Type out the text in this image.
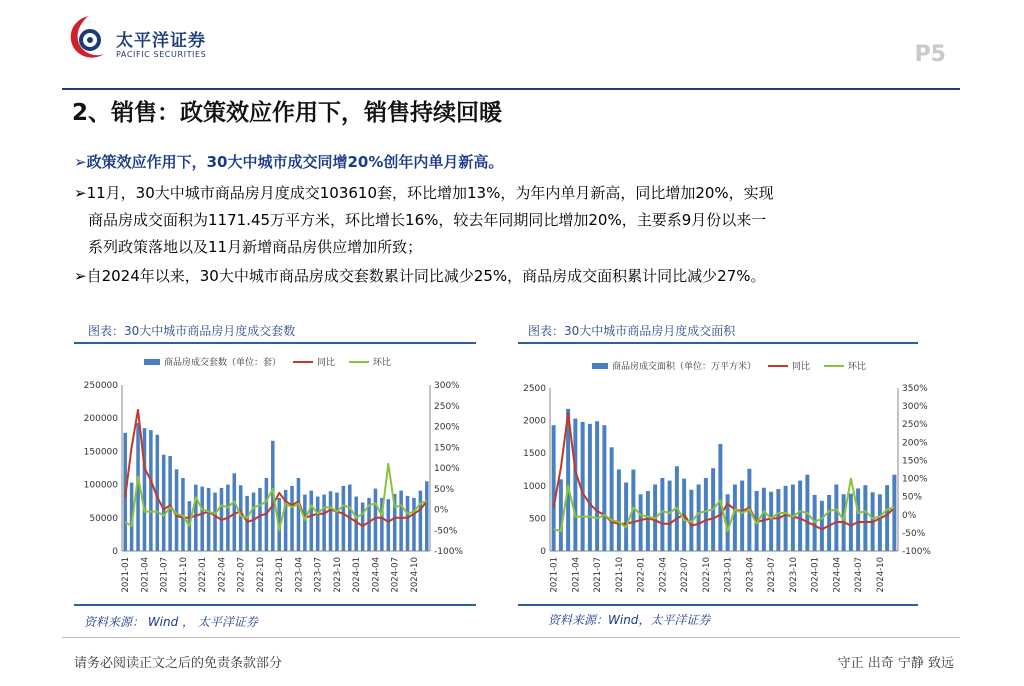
太平洋证券
PACIFIC SECURITIES	P5
2、销售：政策效应作用下，销售持续回暖
➢政策效应作用下，30大中城市成交同增20%创年内单月新高。
➢11月，30大中城市商品房月度成交103610套，环比增加13%，为年内单月新高，同比增加20%，实现
商品房成交面积为1171.45万平方米，环比增长16%，较去年同期同比增加20%，主要系9月份以来一
系列政策落地以及11月新增商品房供应增加所致；
➢自2024年以来，30大中城市商品房成交套数累计同比减少25%，商品房成交面积累计同比减少27%。
图表：30大中城市商品房月度成交套数
0
50000
100000
150000
200000
250000
-100%
-50%
0%
50%
100%
150%
200%
250%
300%
2021-01 2021-04 2021-07 2021-10 2022-01 2022-04 2022-07 2022-10 2023-01 2023-04 2023-07 2023-10 2024-01 2024-04 2024-07 2024-10
商品房成交套数（单位：套）	同比	环比
资料来源： Wind ， 太平洋证券
图表：30大中城市商品房月度成交面积
0
500
1000
1500
2000
2500
-100%
-50%
0%
50%
100%
150%
200%
250%
300%
350%
2021-01 2021-04 2021-07 2021-10 2022-01 2022-04 2022-07 2022-10 2023-01 2023-04 2023-07 2023-10 2024-01 2024-04 2024-07 2024-10
商品房成交面积（单位：万平方米）	同比	环比
资料来源：Wind，太平洋证券
请务必阅读正文之后的免责条款部分	守正 出奇 宁静 致远
